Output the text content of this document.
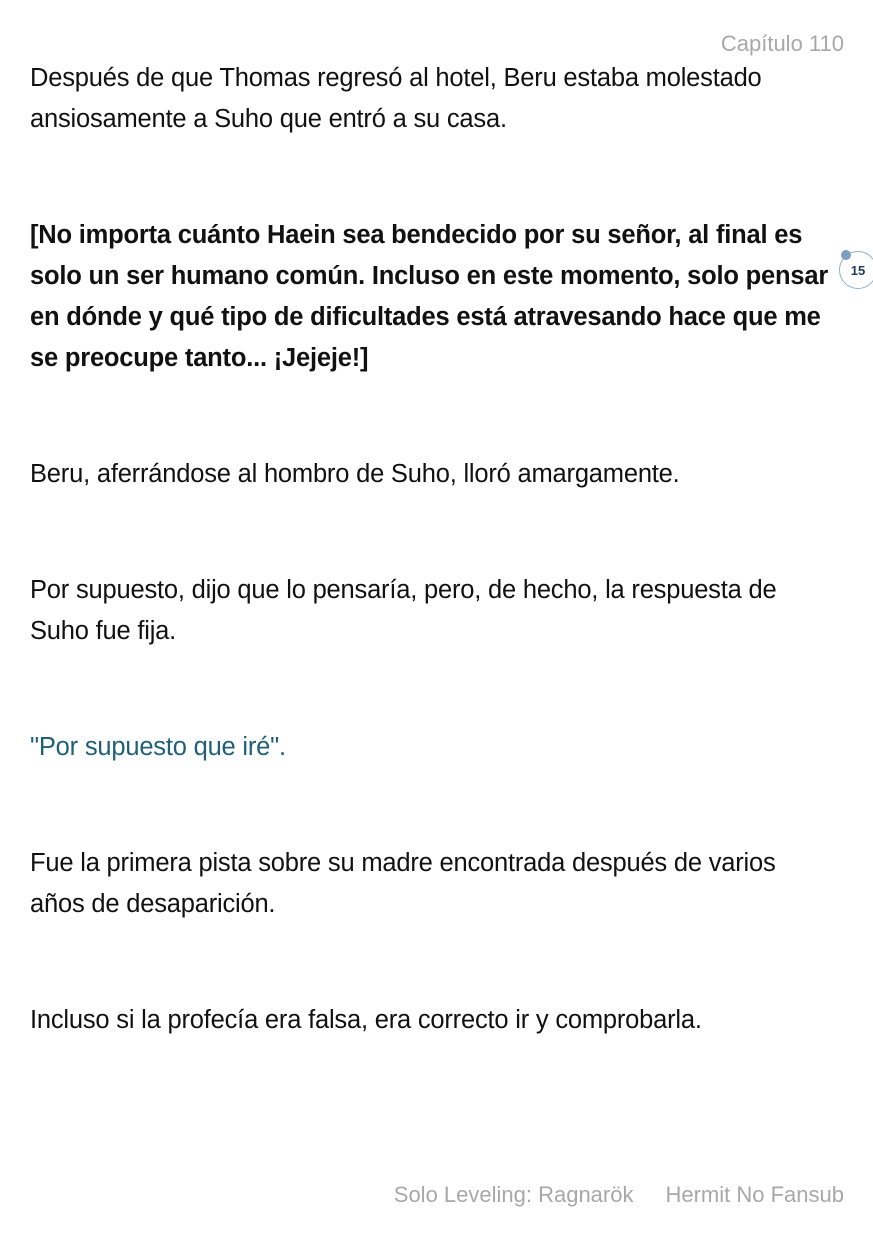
Capítulo 110

Después de que Thomas regresó al hotel, Beru estaba molestado ansiosamente a Suho que entró a su casa.

[No importa cuánto Haein sea bendecido por su señor, al final es solo un ser humano común. Incluso en este momento, solo pensar en dónde y qué tipo de dificultades está atravesando hace que me se preocupe tanto... ¡Jejeje!]

Beru, aferrándose al hombro de Suho, lloró amargamente.

Por supuesto, dijo que lo pensaría, pero, de hecho, la respuesta de Suho fue fija.

"Por supuesto que iré".

Fue la primera pista sobre su madre encontrada después de varios años de desaparición.

Incluso si la profecía era falsa, era correcto ir y comprobarla.

15
Solo Leveling: Ragnarök Hermit No Fansub
